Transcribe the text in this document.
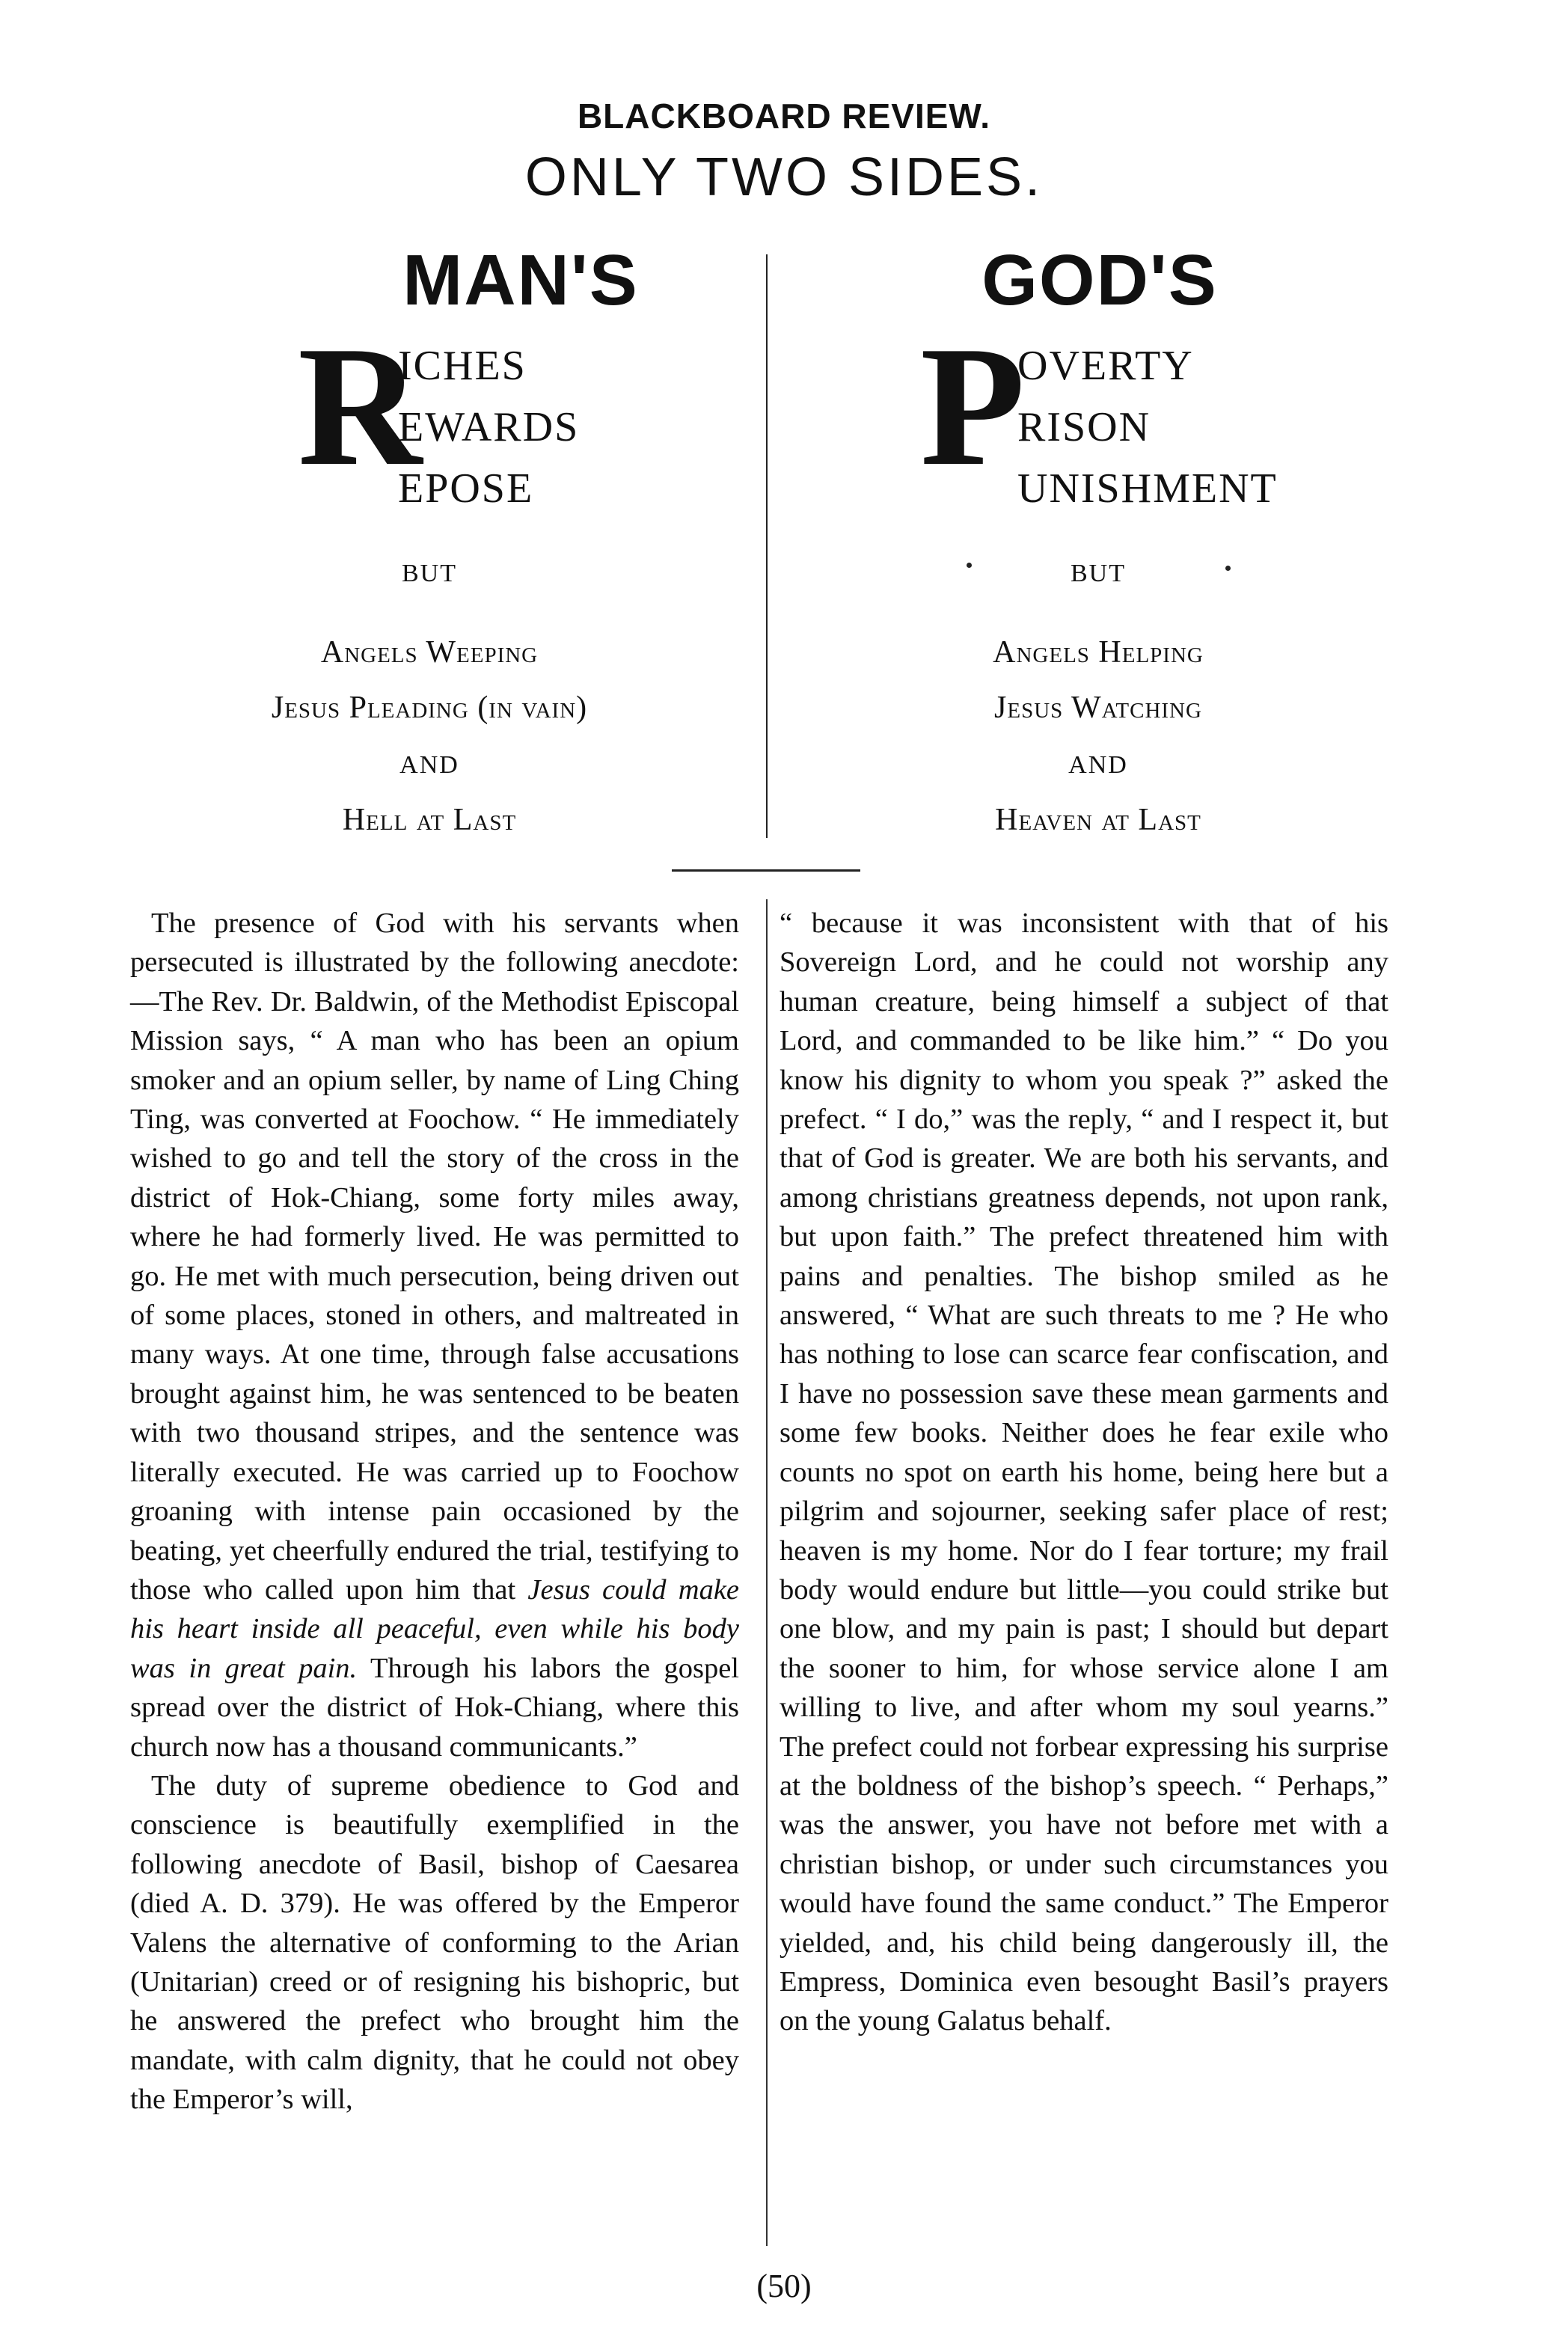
BLACKBOARD REVIEW.
ONLY TWO SIDES.
MAN'S
R
ICHES
EWARDS
EPOSE
BUT
Angels Weeping
Jesus Pleading (in vain)
AND
Hell at Last
GOD'S
P
OVERTY
RISON
UNISHMENT
BUT
Angels Helping
Jesus Watching
AND
Heaven at Last

The presence of God with his servants when persecuted is illustrated by the following anecdote:—The Rev. Dr. Baldwin, of the Methodist Episcopal Mission says, “ A man who has been an opium smoker and an opium seller, by name of Ling Ching Ting, was converted at Foochow. “ He immediately wished to go and tell the story of the cross in the district of Hok-Chiang, some forty miles away, where he had formerly lived. He was permitted to go. He met with much persecution, being driven out of some places, stoned in others, and maltreated in many ways. At one time, through false accusations brought against him, he was sentenced to be beaten with two thousand stripes, and the sentence was literally executed. He was carried up to Foochow groaning with intense pain occasioned by the beating, yet cheerfully endured the trial, testifying to those who called upon him that Jesus could make his heart inside all peaceful, even while his body was in great pain. Through his labors the gospel spread over the district of Hok-Chiang, where this church now has a thousand communicants.”

The duty of supreme obedience to God and conscience is beautifully exemplified in the following anecdote of Basil, bishop of Caesarea (died A. D. 379). He was offered by the Emperor Valens the alternative of conforming to the Arian (Unitarian) creed or of resigning his bishopric, but he answered the prefect who brought him the mandate, with calm dignity, that he could not obey the Emperor’s will,

“ because it was inconsistent with that of his Sovereign Lord, and he could not worship any human creature, being himself a subject of that Lord, and commanded to be like him.” “ Do you know his dignity to whom you speak ?” asked the prefect. “ I do,” was the reply, “ and I respect it, but that of God is greater. We are both his servants, and among christians greatness depends, not upon rank, but upon faith.” The prefect threatened him with pains and penalties. The bishop smiled as he answered, “ What are such threats to me ? He who has nothing to lose can scarce fear confiscation, and I have no possession save these mean garments and some few books. Neither does he fear exile who counts no spot on earth his home, being here but a pilgrim and sojourner, seeking safer place of rest; heaven is my home. Nor do I fear torture; my frail body would endure but little—you could strike but one blow, and my pain is past; I should but depart the sooner to him, for whose service alone I am willing to live, and after whom my soul yearns.” The prefect could not forbear expressing his surprise at the boldness of the bishop’s speech. “ Perhaps,” was the answer, you have not before met with a christian bishop, or under such circumstances you would have found the same conduct.” The Emperor yielded, and, his child being dangerously ill, the Empress, Dominica even besought Basil’s prayers on the young Galatus behalf.

(50)
